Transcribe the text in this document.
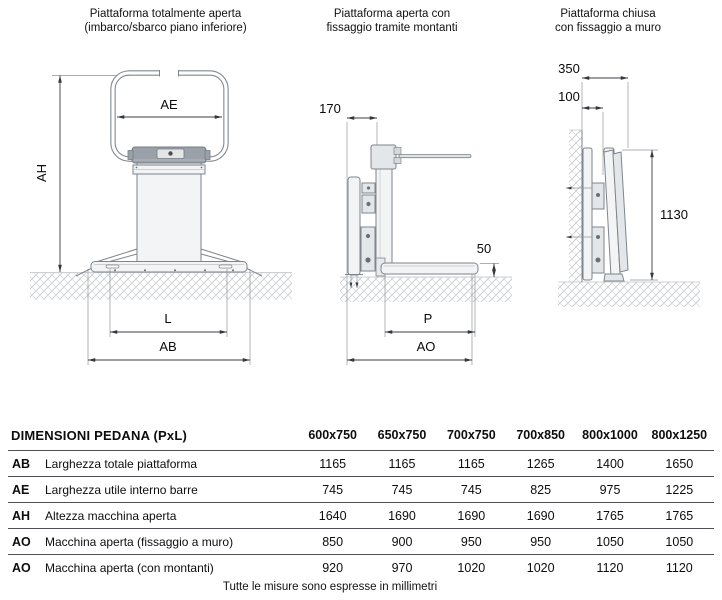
Piattaforma totalmente aperta
(imbarco/sbarco piano inferiore)
Piattaforma aperta con
fissaggio tramite montanti
Piattaforma chiusa
con fissaggio a muro
AH
AE
L
AB
170
50
P
AO
350
100
1130
DIMENSIONI PEDANA (PxL)	600x750	650x750	700x750	700x850	800x1000	800x1250
AB	Larghezza totale piattaforma	1165	1165	1165	1265	1400	1650
AE	Larghezza utile interno barre	745	745	745	825	975	1225
AH	Altezza macchina aperta	1640	1690	1690	1690	1765	1765
AO	Macchina aperta (fissaggio a muro)	850	900	950	950	1050	1050
AO	Macchina aperta (con montanti)	920	970	1020	1020	1120	1120
Tutte le misure sono espresse in millimetri
